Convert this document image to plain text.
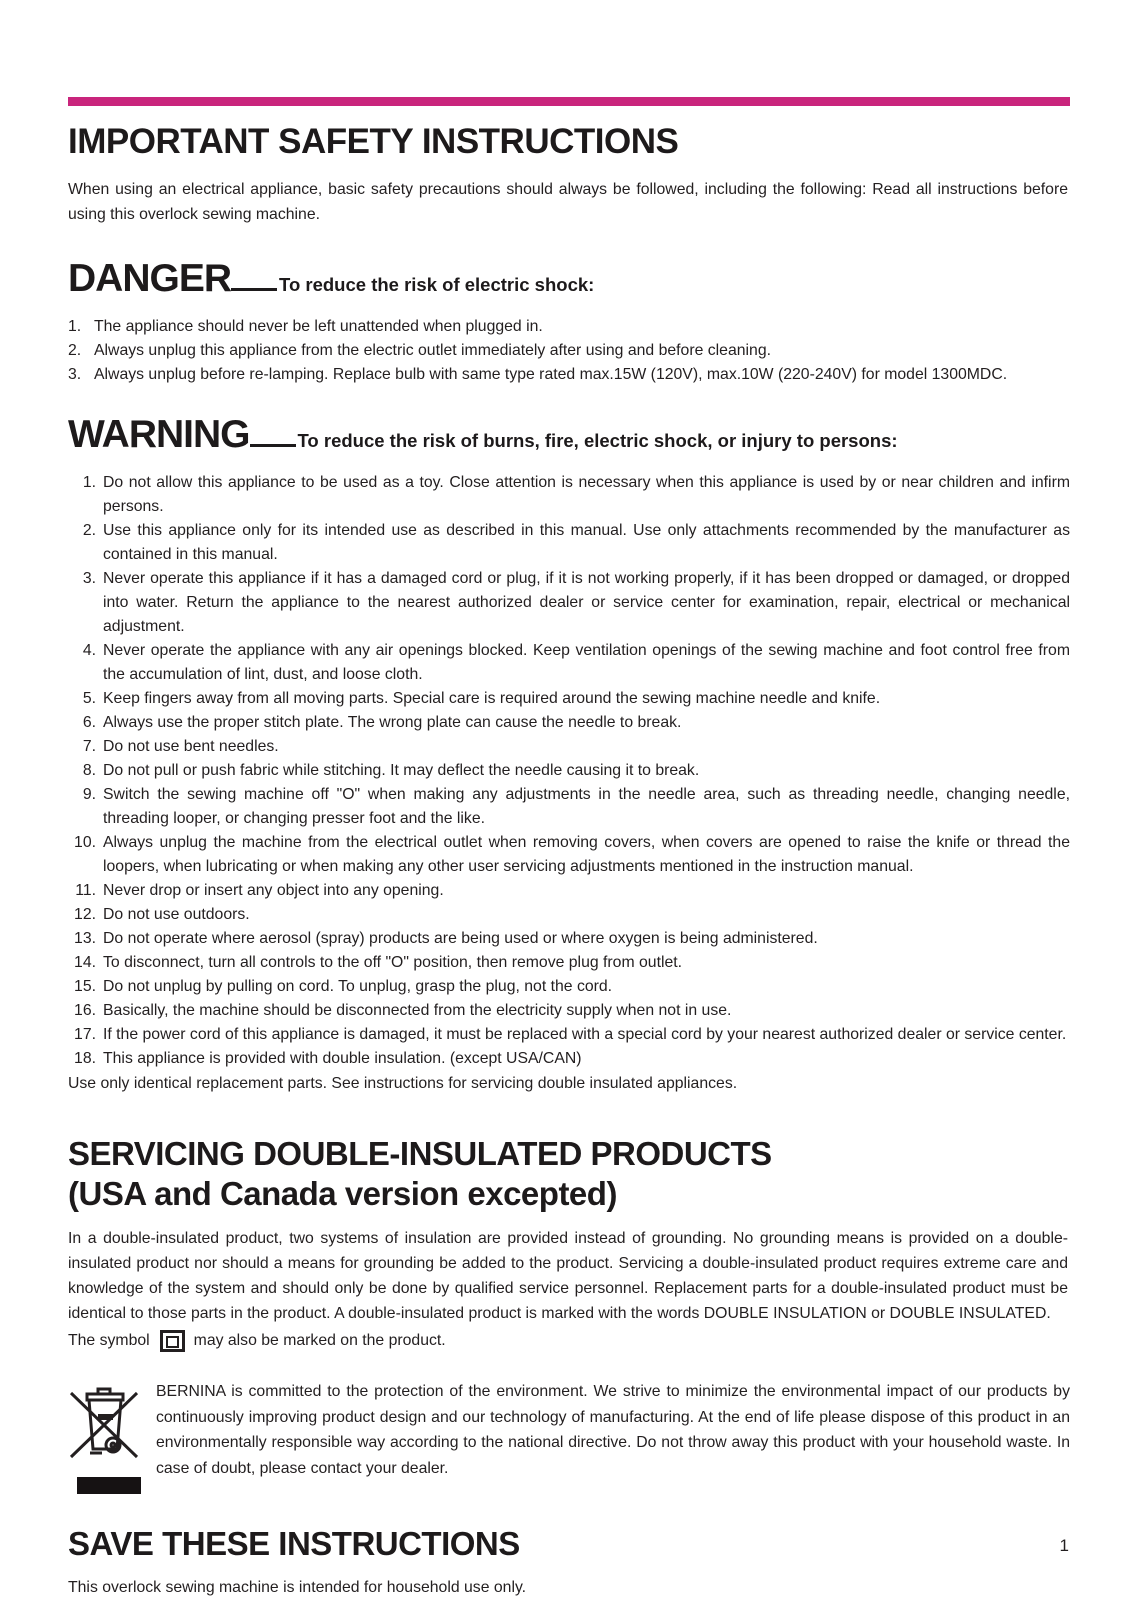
IMPORTANT SAFETY INSTRUCTIONS

When using an electrical appliance, basic safety precautions should always be followed, including the following: Read all instructions before using this overlock sewing machine.

DANGER	To reduce the risk of electric shock:
1. The appliance should never be left unattended when plugged in.
2. Always unplug this appliance from the electric outlet immediately after using and before cleaning.
3. Always unplug before re-lamping. Replace bulb with same type rated max.15W (120V), max.10W (220-240V) for model 1300MDC.
WARNING	To reduce the risk of burns, fire, electric shock, or injury to persons:
1. Do not allow this appliance to be used as a toy. Close attention is necessary when this appliance is used by or near children and infirm persons.
2. Use this appliance only for its intended use as described in this manual. Use only attachments recommended by the manufacturer as contained in this manual.
3. Never operate this appliance if it has a damaged cord or plug, if it is not working properly, if it has been dropped or damaged, or dropped into water. Return the appliance to the nearest authorized dealer or service center for examination, repair, electrical or mechanical adjustment.
4. Never operate the appliance with any air openings blocked. Keep ventilation openings of the sewing machine and foot control free from the accumulation of lint, dust, and loose cloth.
5. Keep fingers away from all moving parts. Special care is required around the sewing machine needle and knife.
6. Always use the proper stitch plate. The wrong plate can cause the needle to break.
7. Do not use bent needles.
8. Do not pull or push fabric while stitching. It may deflect the needle causing it to break.
9. Switch the sewing machine off "O" when making any adjustments in the needle area, such as threading needle, changing needle, threading looper, or changing presser foot and the like.
10. Always unplug the machine from the electrical outlet when removing covers, when covers are opened to raise the knife or thread the loopers, when lubricating or when making any other user servicing adjustments mentioned in the instruction manual.
11. Never drop or insert any object into any opening.
12. Do not use outdoors.
13. Do not operate where aerosol (spray) products are being used or where oxygen is being administered.
14. To disconnect, turn all controls to the off "O" position, then remove plug from outlet.
15. Do not unplug by pulling on cord. To unplug, grasp the plug, not the cord.
16. Basically, the machine should be disconnected from the electricity supply when not in use.
17. If the power cord of this appliance is damaged, it must be replaced with a special cord by your nearest authorized dealer or service center.
18. This appliance is provided with double insulation. (except USA/CAN)

Use only identical replacement parts. See instructions for servicing double insulated appliances.

SERVICING DOUBLE-INSULATED PRODUCTS
(USA and Canada version excepted)

In a double-insulated product, two systems of insulation are provided instead of grounding. No grounding means is provided on a double-insulated product nor should a means for grounding be added to the product. Servicing a double-insulated product requires extreme care and knowledge of the system and should only be done by qualified service personnel. Replacement parts for a double-insulated product must be identical to those parts in the product. A double-insulated product is marked with the words DOUBLE INSULATION or DOUBLE INSULATED.

The symbol	may also be marked on the product.

BERNINA is committed to the protection of the environment. We strive to minimize the environmental impact of our products by continuously improving product design and our technology of manufacturing. At the end of life please dispose of this product in an environmentally responsible way according to the national directive. Do not throw away this product with your household waste. In case of doubt, please contact your dealer.

SAVE THESE INSTRUCTIONS

This overlock sewing machine is intended for household use only.

1
